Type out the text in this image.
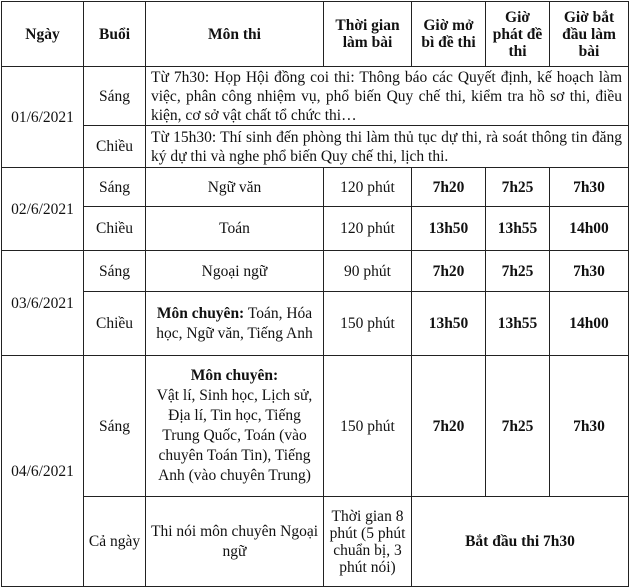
Ngày	Buổi	Môn thi	Thời gian làm bài	Giờ mở bì đề thi	Giờ phát đề thi	Giờ bắt đầu làm bài
01/6/2021	Sáng	Từ 7h30: Họp Hội đồng coi thi: Thông báo các Quyết định, kế hoạch làm việc, phân công nhiệm vụ, phổ biến Quy chế thi, kiểm tra hồ sơ thi, điều kiện, cơ sở vật chất tổ chức thi…				
	Chiều	Từ 15h30: Thí sinh đến phòng thi làm thủ tục dự thi, rà soát thông tin đăng ký dự thi và nghe phổ biến Quy chế thi, lịch thi.				
02/6/2021	Sáng	Ngữ văn	120 phút	7h20	7h25	7h30
	Chiều	Toán	120 phút	13h50	13h55	14h00
03/6/2021	Sáng	Ngoại ngữ	90 phút	7h20	7h25	7h30
	Chiều	Môn chuyên: Toán, Hóa học, Ngữ văn, Tiếng Anh	150 phút	13h50	13h55	14h00
04/6/2021	Sáng	Môn chuyên:
Vật lí, Sinh học, Lịch sử, Địa lí, Tin học, Tiếng Trung Quốc, Toán (vào chuyên Toán Tin), Tiếng Anh (vào chuyên Trung)	150 phút	7h20	7h25	7h30
	Cả ngày	Thi nói môn chuyên Ngoại ngữ	Thời gian 8 phút (5 phút chuẩn bị, 3 phút nói)	Bắt đầu thi 7h30		
